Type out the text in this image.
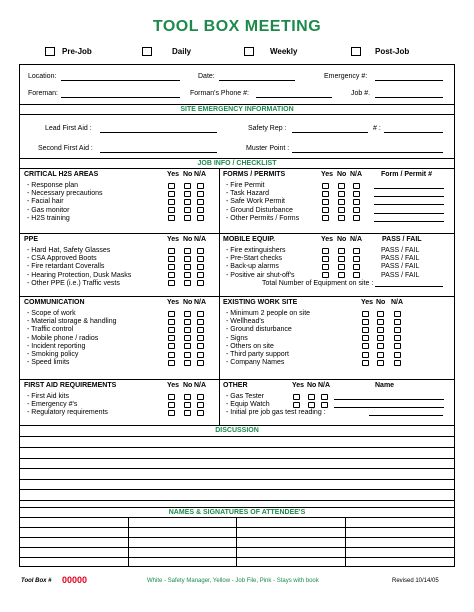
TOOL BOX MEETING
Pre-Job	Daily	Weekly	Post-Job
Location:	Date:	Emergency #:
Foreman:	Forman's Phone #:	Job #.
SITE EMERGENCY INFORMATION
Lead First Aid :	Safety Rep :	# :
Second First Aid :	Muster Point :
JOB INFO / CHECKLIST
CRITICAL H2S AREAS	Yes No N/A
- Response plan
- Necessary precautions
- Facial hair
- Gas monitor
- H2S training
FORMS / PERMITS	Yes No N/A	Form / Permit #
- Fire Permit
- Task Hazard
- Safe Work Permit
- Ground Disturbance
- Other Permits / Forms
PPE	Yes No N/A
- Hard Hat, Safety Glasses
- CSA Approved Boots
- Fire retardant Coveralls
- Hearing Protection, Dusk Masks
- Other PPE (i.e.) Traffic vests
MOBILE EQUIP.	Yes No N/A	PASS / FAIL
- Fire extinguishers	PASS / FAIL
- Pre-Start checks	PASS / FAIL
- Back-up alarms	PASS / FAIL
- Positive air shut-off's	PASS / FAIL
Total Number of Equipment on site :
COMMUNICATION	Yes No N/A
- Scope of work
- Material storage & handling
- Traffic control
- Mobile phone / radios
- Incident reporting
- Smoking policy
- Speed limits
EXISTING WORK SITE	Yes No N/A
- Minimum 2 people on site
- Wellhead's
- Ground disturbance
- Signs
- Others on site
- Third party support
- Company Names
FIRST AID REQUIREMENTS	Yes No N/A
- First Aid kits
- Emergency #'s
- Regulatory requirements
OTHER	Yes No N/A	Name
- Gas Tester
- Equip Watch
- Initial pre job gas test reading :
DISCUSSION
NAMES & SIGNATURES OF ATTENDEE'S
Tool Box # 00000	White - Safety Manager, Yellow - Job File, Pink - Stays with book	Revised 10/14/05
